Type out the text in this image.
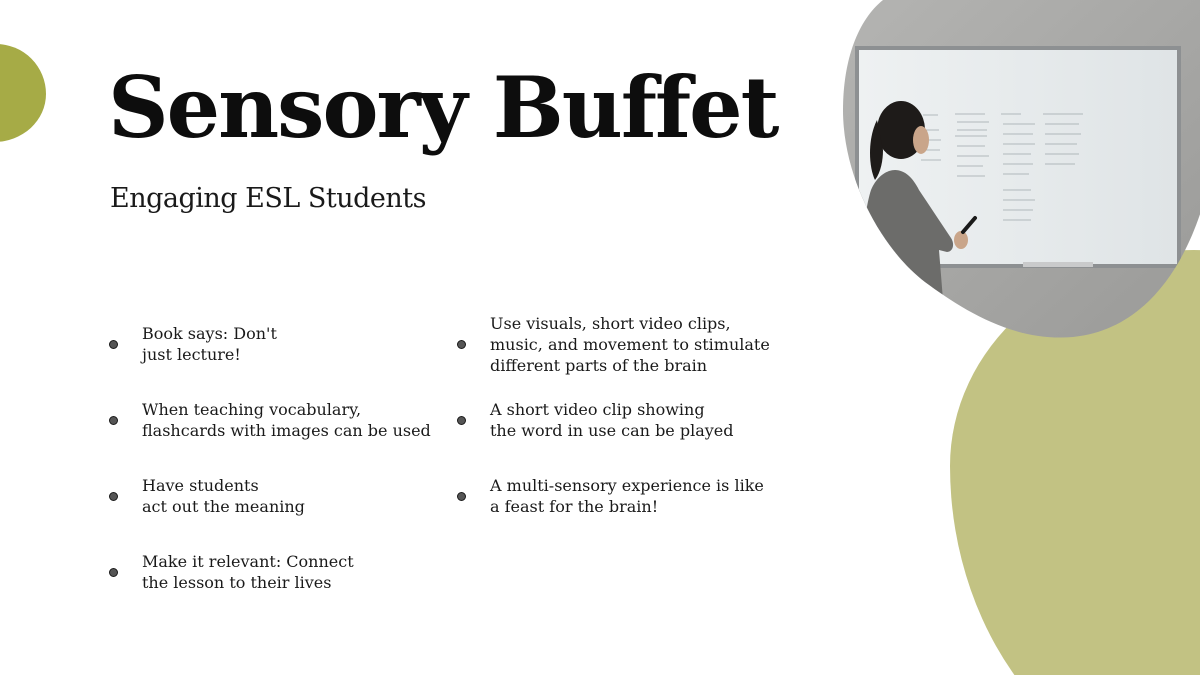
Sensory Buffet
Engaging ESL Students
Book says: Don't
just lecture!
When teaching vocabulary,
flashcards with images can be used
Have students
act out the meaning
Make it relevant: Connect
the lesson to their lives
Use visuals, short video clips,
music, and movement to stimulate
different parts of the brain
A short video clip showing
the word in use can be played
A multi-sensory experience is like
a feast for the brain!
